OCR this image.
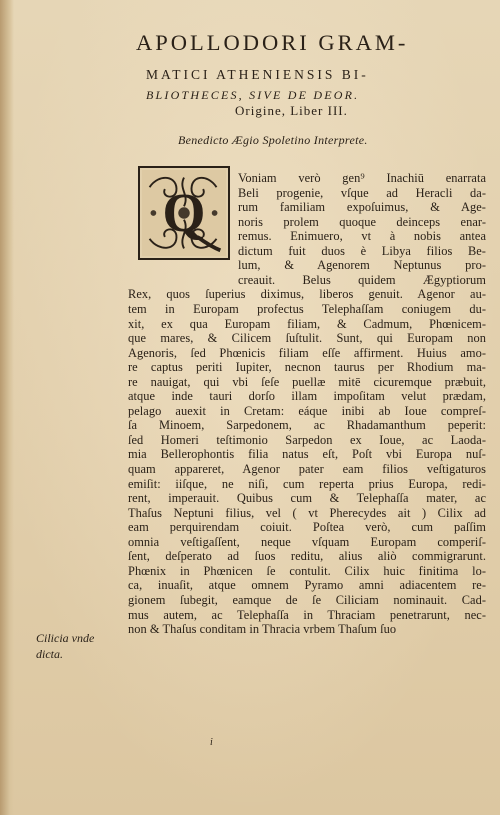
APOLLODORI GRAM-
MATICI ATHENIENSIS BI-
BLIOTHECES, SIVE DE DEOR.
Origine, Liber III.
Benedicto Ægio Spoletino Interprete.
Q
Voniam verò gen⁹ Inachiū enarrata
Beli progenie, vſque ad Heracli da-
rum familiam expoſuimus, & Age-
noris prolem quoque deinceps enar-
remus. Enimuero, vt à nobis antea
dictum fuit duos è Libya filios Be-
lum, & Agenorem Neptunus pro-
creauit. Belus quidem Ægyptiorum
Rex, quos ſuperius diximus, liberos genuit. Agenor au-
tem in Europam profectus Telephaſſam coniugem du-
xit, ex qua Europam filiam, & Cadmum, Phœnicem-
que mares, & Cilicem ſuſtulit. Sunt, qui Europam non
Agenoris, ſed Phœnicis filiam eſſe affirment. Huius amo-
re captus periti Iupiter, necnon taurus per Rhodium ma-
re nauigat, qui vbi ſeſe puellæ mitē cicuremque præbuit,
atque inde tauri dorſo illam impoſitam velut prædam,
pelago auexit in Cretam: eáque inibi ab Ioue compreſ-
ſa Minoem, Sarpedonem, ac Rhadamanthum peperit:
ſed Homeri teſtimonio Sarpedon ex Ioue, ac Laoda-
mia Bellerophontis filia natus eſt, Poſt vbi Europa nuſ-
quam appareret, Agenor pater eam filios veſtigaturos
emiſit: iiſque, ne niſi, cum reperta prius Europa, redi-
rent, imperauit. Quibus cum & Telephaſſa mater, ac
Thaſus Neptuni filius, vel ( vt Pherecydes ait ) Cilix ad
eam perquirendam coiuit. Poſtea verò, cum paſſim
omnia veſtigaſſent, neque vſquam Europam comperiſ-
ſent, deſperato ad ſuos reditu, alius aliò commigrarunt.
Phœnix in Phœnicen ſe contulit. Cilix huic finitima lo-
ca, inuaſit, atque omnem Pyramo amni adiacentem re-
gionem ſubegit, eamque de ſe Ciliciam nominauit. Cad-
mus autem, ac Telephaſſa in Thraciam penetrarunt, nec-
non & Thaſus conditam in Thracia vrbem Thaſum ſuo
Cilicia vnde
dicta.
i
